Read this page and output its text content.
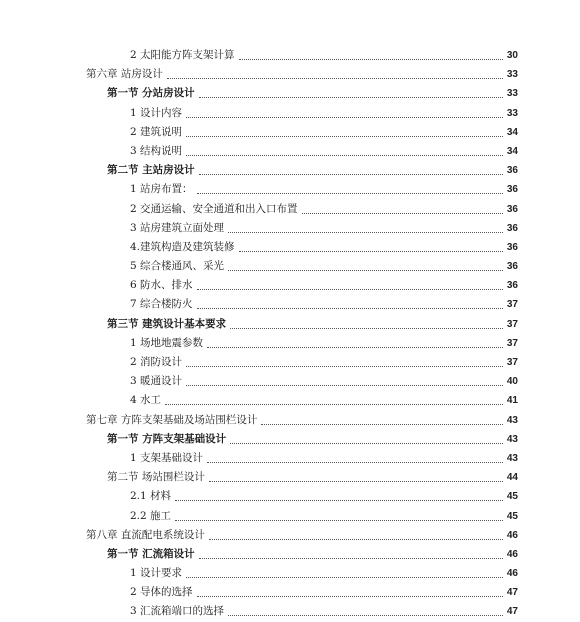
2 太阳能方阵支架计算	30
第六章 站房设计	33
第一节 分站房设计	33
1 设计内容	33
2 建筑说明	34
3 结构说明	34
第二节 主站房设计	36
1 站房布置：	36
2 交通运输、安全通道和出入口布置	36
3 站房建筑立面处理	36
4.建筑构造及建筑装修	36
5 综合楼通风、采光	36
6 防水、排水	36
7 综合楼防火	37
第三节 建筑设计基本要求	37
1 场地地震参数	37
2 消防设计	37
3 暖通设计	40
4 水工	41
第七章 方阵支架基础及场站围栏设计	43
第一节 方阵支架基础设计	43
1 支架基础设计	43
第二节 场站围栏设计	44
2.1 材料	45
2.2 施工	45
第八章 直流配电系统设计	46
第一节 汇流箱设计	46
1 设计要求	46
2 导体的选择	47
3 汇流箱端口的选择	47
